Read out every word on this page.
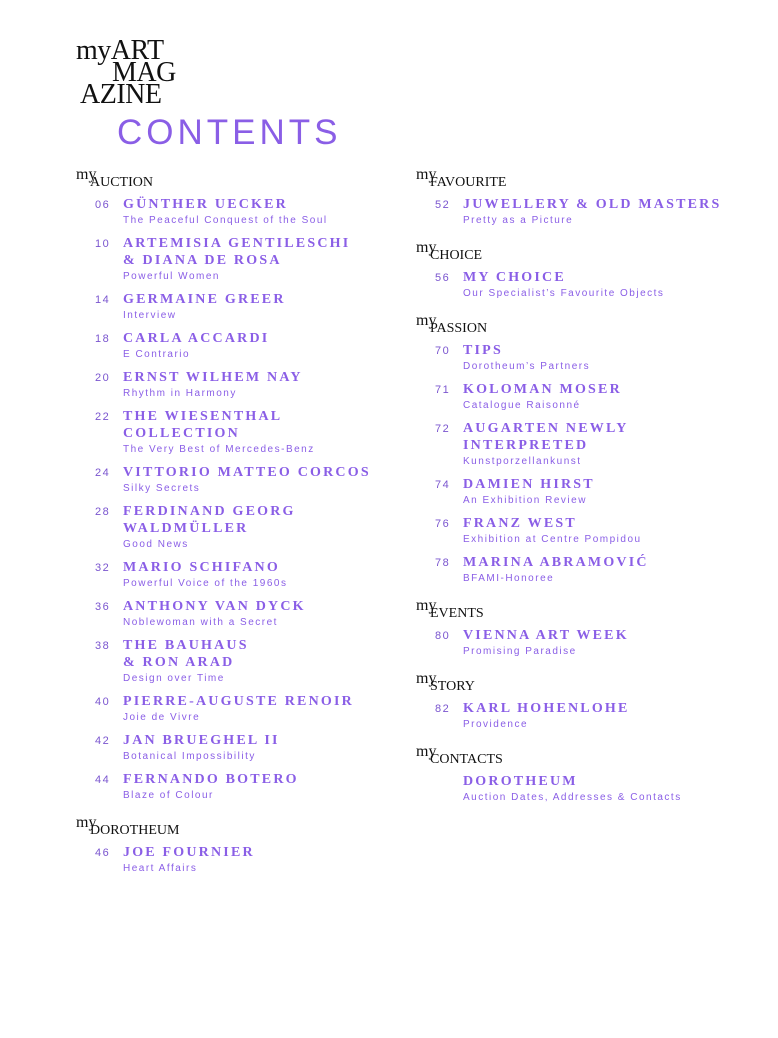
myART
MAG
AZINE
CONTENTS
my
AUCTION
06 GÜNTHER UECKER
The Peaceful Conquest of the Soul
10 ARTEMISIA GENTILESCHI
& DIANA DE ROSA
Powerful Women
14 GERMAINE GREER
Interview
18 CARLA ACCARDI
E Contrario
20 ERNST WILHEM NAY
Rhythm in Harmony
22 THE WIESENTHAL
COLLECTION
The Very Best of Mercedes-Benz
24 VITTORIO MATTEO CORCOS
Silky Secrets
28 FERDINAND GEORG
WALDMÜLLER
Good News
32 MARIO SCHIFANO
Powerful Voice of the 1960s
36 ANTHONY VAN DYCK
Noblewoman with a Secret
38 THE BAUHAUS
& RON ARAD
Design over Time
40 PIERRE-AUGUSTE RENOIR
Joie de Vivre
42 JAN BRUEGHEL II
Botanical Impossibility
44 FERNANDO BOTERO
Blaze of Colour
my
DOROTHEUM
46 JOE FOURNIER
Heart Affairs
my
FAVOURITE
52 JUWELLERY & OLD MASTERS
Pretty as a Picture
my
CHOICE
56 MY CHOICE
Our Specialist’s Favourite Objects
my
PASSION
70 TIPS
Dorotheum’s Partners
71 KOLOMAN MOSER
Catalogue Raisonné
72 AUGARTEN NEWLY
INTERPRETED
Kunstporzellankunst
74 DAMIEN HIRST
An Exhibition Review
76 FRANZ WEST
Exhibition at Centre Pompidou
78 MARINA ABRAMOVIĆ
BFAMI-Honoree
my
EVENTS
80 VIENNA ART WEEK
Promising Paradise
my
STORY
82 KARL HOHENLOHE
Providence
my
CONTACTS
DOROTHEUM
Auction Dates, Addresses & Contacts
